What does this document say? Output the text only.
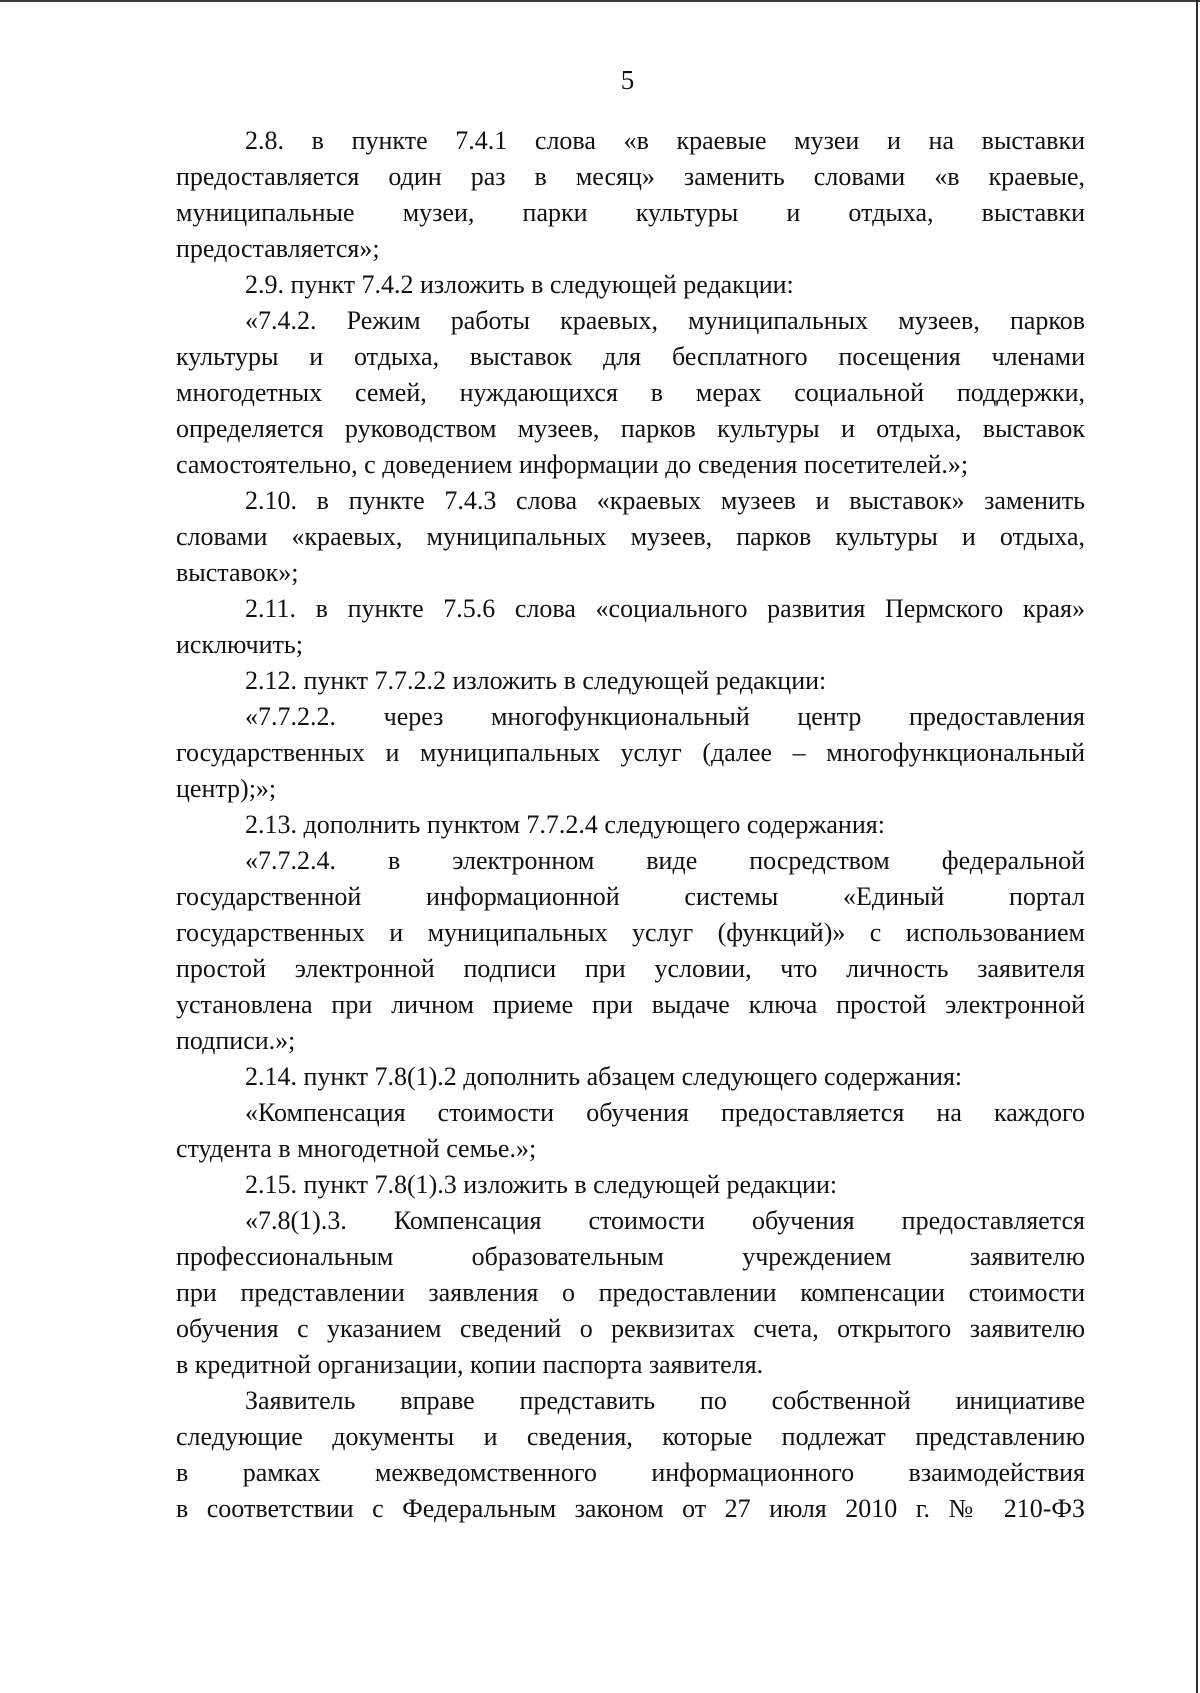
5

2.8. в пункте 7.4.1 слова «в краевые музеи и на выставки
предоставляется один раз в месяц» заменить словами «в краевые,
муниципальные музеи, парки культуры и отдыха, выставки
предоставляется»;

2.9. пункт 7.4.2 изложить в следующей редакции:

«7.4.2. Режим работы краевых, муниципальных музеев, парков
культуры и отдыха, выставок для бесплатного посещения членами
многодетных семей, нуждающихся в мерах социальной поддержки,
определяется руководством музеев, парков культуры и отдыха, выставок
самостоятельно, с доведением информации до сведения посетителей.»;

2.10. в пункте 7.4.3 слова «краевых музеев и выставок» заменить
словами «краевых, муниципальных музеев, парков культуры и отдыха,
выставок»;

2.11. в пункте 7.5.6 слова «социального развития Пермского края»
исключить;

2.12. пункт 7.7.2.2 изложить в следующей редакции:

«7.7.2.2. через многофункциональный центр предоставления
государственных и муниципальных услуг (далее – многофункциональный
центр);»;

2.13. дополнить пунктом 7.7.2.4 следующего содержания:

«7.7.2.4. в электронном виде посредством федеральной
государственной информационной системы «Единый портал
государственных и муниципальных услуг (функций)» с использованием
простой электронной подписи при условии, что личность заявителя
установлена при личном приеме при выдаче ключа простой электронной
подписи.»;

2.14. пункт 7.8(1).2 дополнить абзацем следующего содержания:

«Компенсация стоимости обучения предоставляется на каждого
студента в многодетной семье.»;

2.15. пункт 7.8(1).3 изложить в следующей редакции:

«7.8(1).3. Компенсация стоимости обучения предоставляется
профессиональным образовательным учреждением заявителю
при представлении заявления о предоставлении компенсации стоимости
обучения с указанием сведений о реквизитах счета, открытого заявителю
в кредитной организации, копии паспорта заявителя.

Заявитель вправе представить по собственной инициативе
следующие документы и сведения, которые подлежат представлению
в рамках межведомственного информационного взаимодействия
в соответствии с Федеральным законом от 27 июля 2010 г. № 210-ФЗ
